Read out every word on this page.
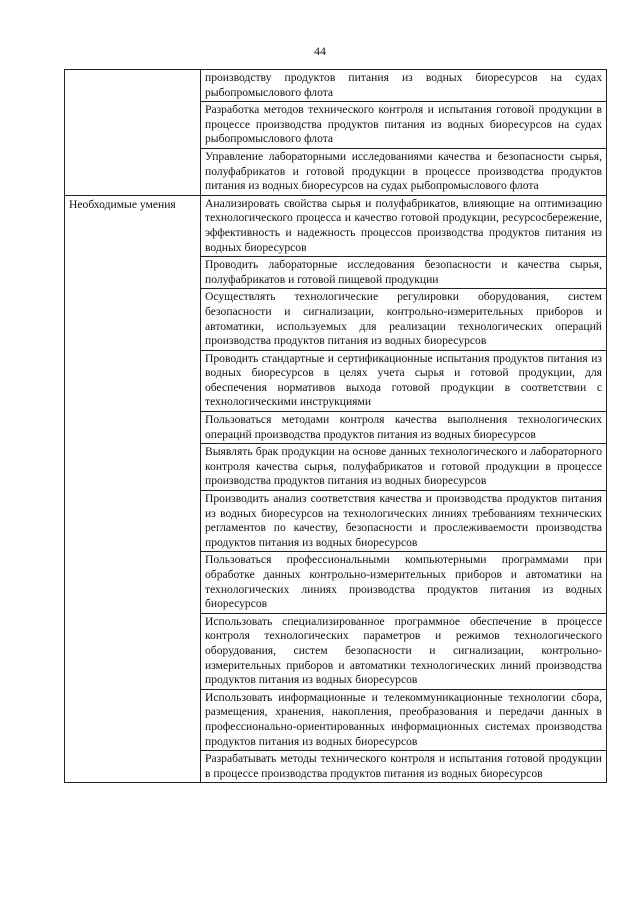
44
	производству продуктов питания из водных биоресурсов на судах рыбопромыслового флота
	Разработка методов технического контроля и испытания готовой продукции в процессе производства продуктов питания из водных биоресурсов на судах рыбопромыслового флота
	Управление лабораторными исследованиями качества и безопасности сырья, полуфабрикатов и готовой продукции в процессе производства продуктов питания из водных биоресурсов на судах рыбопромыслового флота
Необходимые умения	Анализировать свойства сырья и полуфабрикатов, влияющие на оптимизацию технологического процесса и качество готовой продукции, ресурсосбережение, эффективность и надежность процессов производства продуктов питания из водных биоресурсов
	Проводить лабораторные исследования безопасности и качества сырья, полуфабрикатов и готовой пищевой продукции
	Осуществлять технологические регулировки оборудования, систем безопасности и сигнализации, контрольно-измерительных приборов и автоматики, используемых для реализации технологических операций производства продуктов питания из водных биоресурсов
	Проводить стандартные и сертификационные испытания продуктов питания из водных биоресурсов в целях учета сырья и готовой продукции, для обеспечения нормативов выхода готовой продукции в соответствии с технологическими инструкциями
	Пользоваться методами контроля качества выполнения технологических операций производства продуктов питания из водных биоресурсов
	Выявлять брак продукции на основе данных технологического и лабораторного контроля качества сырья, полуфабрикатов и готовой продукции в процессе производства продуктов питания из водных биоресурсов
	Производить анализ соответствия качества и производства продуктов питания из водных биоресурсов на технологических линиях требованиям технических регламентов по качеству, безопасности и прослеживаемости производства продуктов питания из водных биоресурсов
	Пользоваться профессиональными компьютерными программами при обработке данных контрольно-измерительных приборов и автоматики на технологических линиях производства продуктов питания из водных биоресурсов
	Использовать специализированное программное обеспечение в процессе контроля технологических параметров и режимов технологического оборудования, систем безопасности и сигнализации, контрольно-измерительных приборов и автоматики технологических линий производства продуктов питания из водных биоресурсов
	Использовать информационные и телекоммуникационные технологии сбора, размещения, хранения, накопления, преобразования и передачи данных в профессионально-ориентированных информационных системах производства продуктов питания из водных биоресурсов
	Разрабатывать методы технического контроля и испытания готовой продукции в процессе производства продуктов питания из водных биоресурсов
